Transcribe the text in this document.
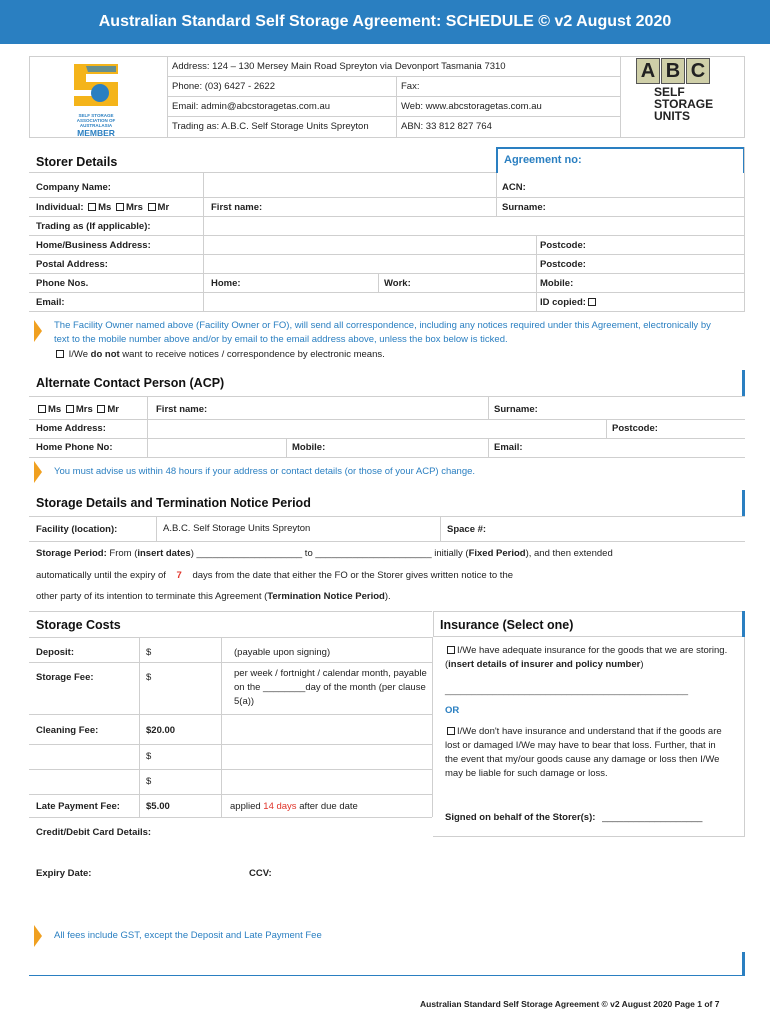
Australian Standard Self Storage Agreement: SCHEDULE © v2 August 2020
SELF STORAGE
ASSOCIATION OF
AUSTRALASIA
MEMBER
Address: 124 – 130 Mersey Main Road Spreyton via Devonport Tasmania 7310
Phone: (03) 6427 - 2622	Fax:
Email: admin@abcstoragetas.com.au	Web: www.abcstoragetas.com.au
Trading as: A.B.C. Self Storage Units Spreyton	ABN: 33 812 827 764
A B C
SELF
STORAGE
UNITS
Storer Details	Agreement no:
Company Name:	ACN:
Individual: Ms Mrs Mr	First name:	Surname:
Trading as (If applicable):
Home/Business Address:	Postcode:
Postal Address:	Postcode:
Phone Nos.	Home:	Work:	Mobile:
Email:	ID copied:
The Facility Owner named above (Facility Owner or FO), will send all correspondence, including any notices required under this Agreement, electronically by text to the mobile number above and/or by email to the email address above, unless the box below is ticked.
I/We do not want to receive notices / correspondence by electronic means.
Alternate Contact Person (ACP)
Ms Mrs Mr	First name:	Surname:
Home Address:	Postcode:
Home Phone No:	Mobile:	Email:
You must advise us within 48 hours if your address or contact details (or those of your ACP) change.
Storage Details and Termination Notice Period
Facility (location):	A.B.C. Self Storage Units Spreyton	Space #:
Storage Period: From (insert dates) ____________________ to ______________________ initially (Fixed Period), and then extended
automatically until the expiry of 7 days from the date that either the FO or the Storer gives written notice to the
other party of its intention to terminate this Agreement (Termination Notice Period).
Storage Costs	Insurance (Select one)
Deposit:	$	(payable upon signing)
Storage Fee:	$	per week / fortnight / calendar month, payable on the ________day of the month (per clause 5(a))
Cleaning Fee:	$20.00
$
$
Late Payment Fee:	$5.00	applied 14 days after due date
Credit/Debit Card Details:
Expiry Date:	CCV:
All fees include GST, except the Deposit and Late Payment Fee
I/We have adequate insurance for the goods that we are storing. (insert details of insurer and policy number)
______________________________________________
OR
I/We don't have insurance and understand that if the goods are lost or damaged I/We may have to bear that loss. Further, that in the event that my/our goods cause any damage or loss then I/We may be liable for such damage or loss.
Signed on behalf of the Storer(s): ___________________
Australian Standard Self Storage Agreement © v2 August 2020 Page 1 of 7
